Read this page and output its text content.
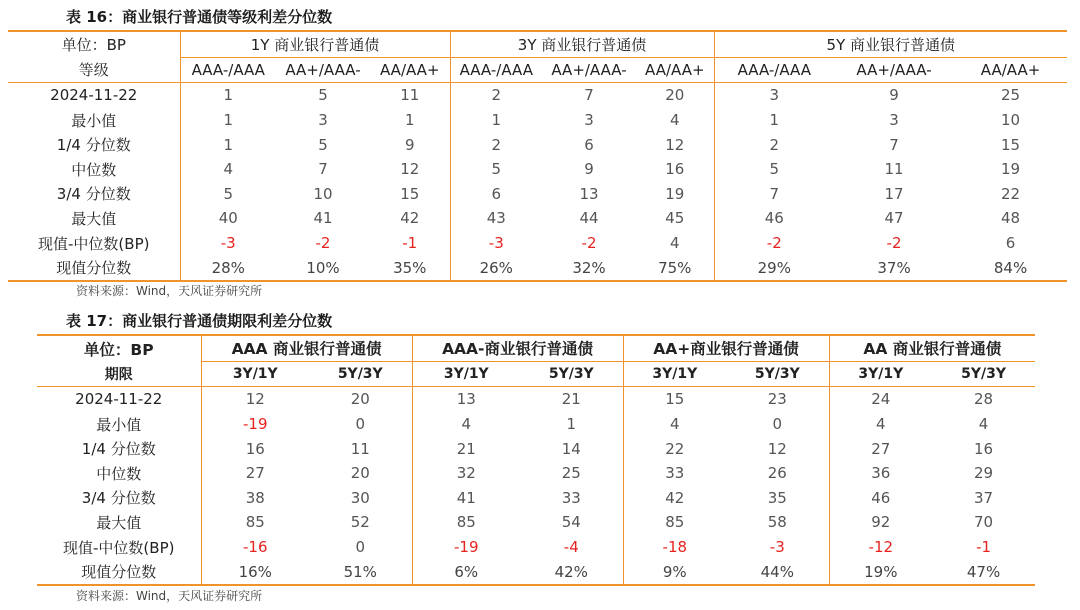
表 16：商业银行普通债等级利差分位数
单位：BP	1Y 商业银行普通债			3Y 商业银行普通债			5Y 商业银行普通债		
等级	AAA-/AAA	AA+/AAA-	AA/AA+	AAA-/AAA	AA+/AAA-	AA/AA+	AAA-/AAA	AA+/AAA-	AA/AA+
2024-11-22	1	5	11	2	7	20	3	9	25
最小值	1	3	1	1	3	4	1	3	10
1/4 分位数	1	5	9	2	6	12	2	7	15
中位数	4	7	12	5	9	16	5	11	19
3/4 分位数	5	10	15	6	13	19	7	17	22
最大值	40	41	42	43	44	45	46	47	48
现值-中位数(BP)	-3	-2	-1	-3	-2	4	-2	-2	6
现值分位数	28%	10%	35%	26%	32%	75%	29%	37%	84%
资料来源：Wind，天风证券研究所
表 17：商业银行普通债期限利差分位数
单位：BP	AAA 商业银行普通债		AAA-商业银行普通债		AA+商业银行普通债		AA 商业银行普通债	
期限	3Y/1Y	5Y/3Y	3Y/1Y	5Y/3Y	3Y/1Y	5Y/3Y	3Y/1Y	5Y/3Y
2024-11-22	12	20	13	21	15	23	24	28
最小值	-19	0	4	1	4	0	4	4
1/4 分位数	16	11	21	14	22	12	27	16
中位数	27	20	32	25	33	26	36	29
3/4 分位数	38	30	41	33	42	35	46	37
最大值	85	52	85	54	85	58	92	70
现值-中位数(BP)	-16	0	-19	-4	-18	-3	-12	-1
现值分位数	16%	51%	6%	42%	9%	44%	19%	47%
资料来源：Wind，天风证券研究所
